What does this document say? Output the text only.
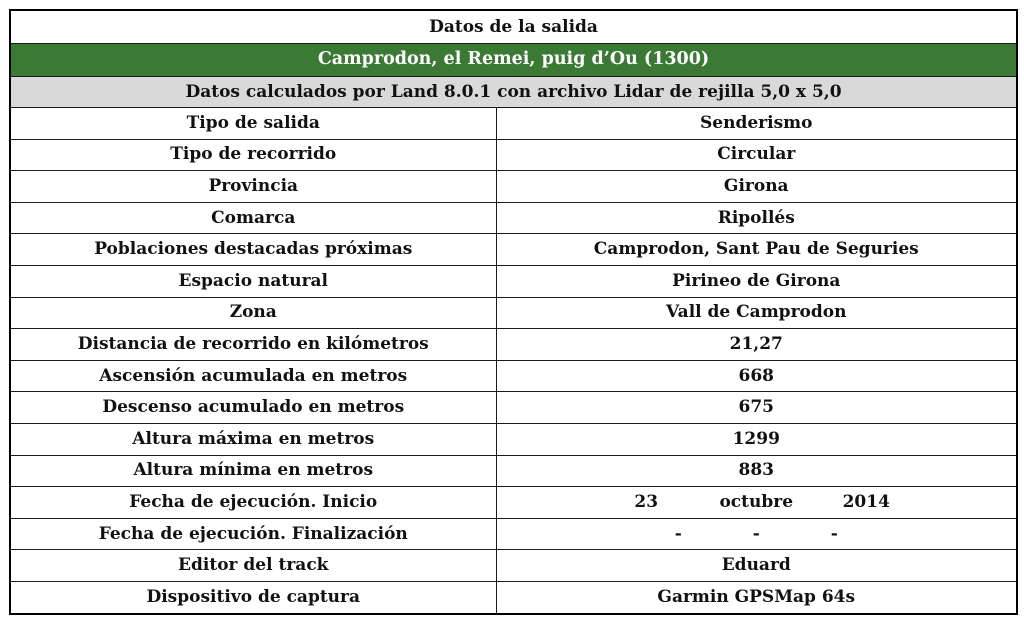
Datos de la salida	
Camprodon, el Remei, puig d’Ou (1300)	
Datos calculados por Land 8.0.1 con archivo Lidar de rejilla 5,0 x 5,0	
Tipo de salida	Senderismo
Tipo de recorrido	Circular
Provincia	Girona
Comarca	Ripollés
Poblaciones destacadas próximas	Camprodon, Sant Pau de Seguries
Espacio natural	Pirineo de Girona
Zona	Vall de Camprodon
Distancia de recorrido en kilómetros	21,27
Ascensión acumulada en metros	668
Descenso acumulado en metros	675
Altura máxima en metros	1299
Altura mínima en metros	883
Fecha de ejecución. Inicio	23 octubre 2014

Fecha de ejecución. Finalización	- - -

Editor del track	Eduard
Dispositivo de captura	Garmin GPSMap 64s
